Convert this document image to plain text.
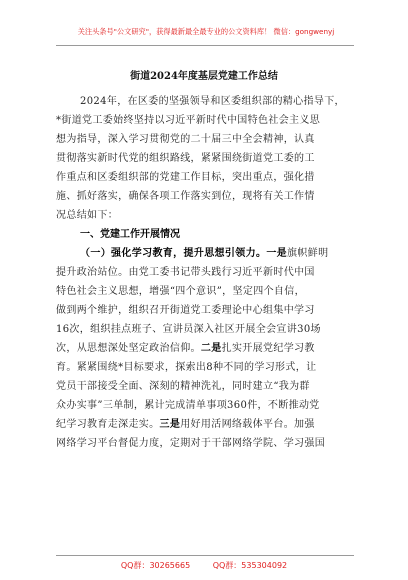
关注头条号"公文研究"，获得最新最全最专业的公文资料库！ 微信：gongwenyj
街道2024年度基层党建工作总结
2024年，在区委的坚强领导和区委组织部的精心指导下，
*街道党工委始终坚持以习近平新时代中国特色社会主义思
想为指导，深入学习贯彻党的二十届三中全会精神，认真
贯彻落实新时代党的组织路线，紧紧围绕街道党工委的工
作重点和区委组织部的党建工作目标，突出重点，强化措
施、抓好落实，确保各项工作落实到位，现将有关工作情
况总结如下：
一、党建工作开展情况
（一）强化学习教育，提升思想引领力。一是旗帜鲜明
提升政治站位。由党工委书记带头践行习近平新时代中国
特色社会主义思想，增强“四个意识”，坚定四个自信，
做到两个维护，组织召开街道党工委理论中心组集中学习
16次，组织挂点班子、宣讲员深入社区开展全会宣讲30场
次，从思想深处坚定政治信仰。二是扎实开展党纪学习教
育。紧紧围绕*目标要求，探索出8种不同的学习形式，让
党员干部接受全面、深刻的精神洗礼，同时建立“我为群
众办实事”三单制，累计完成清单事项360件，不断推动党
纪学习教育走深走实。三是用好用活网络载体平台。加强
网络学习平台督促力度，定期对于干部网络学院、学习强国
QQ群：30265665	QQ群：535304092
